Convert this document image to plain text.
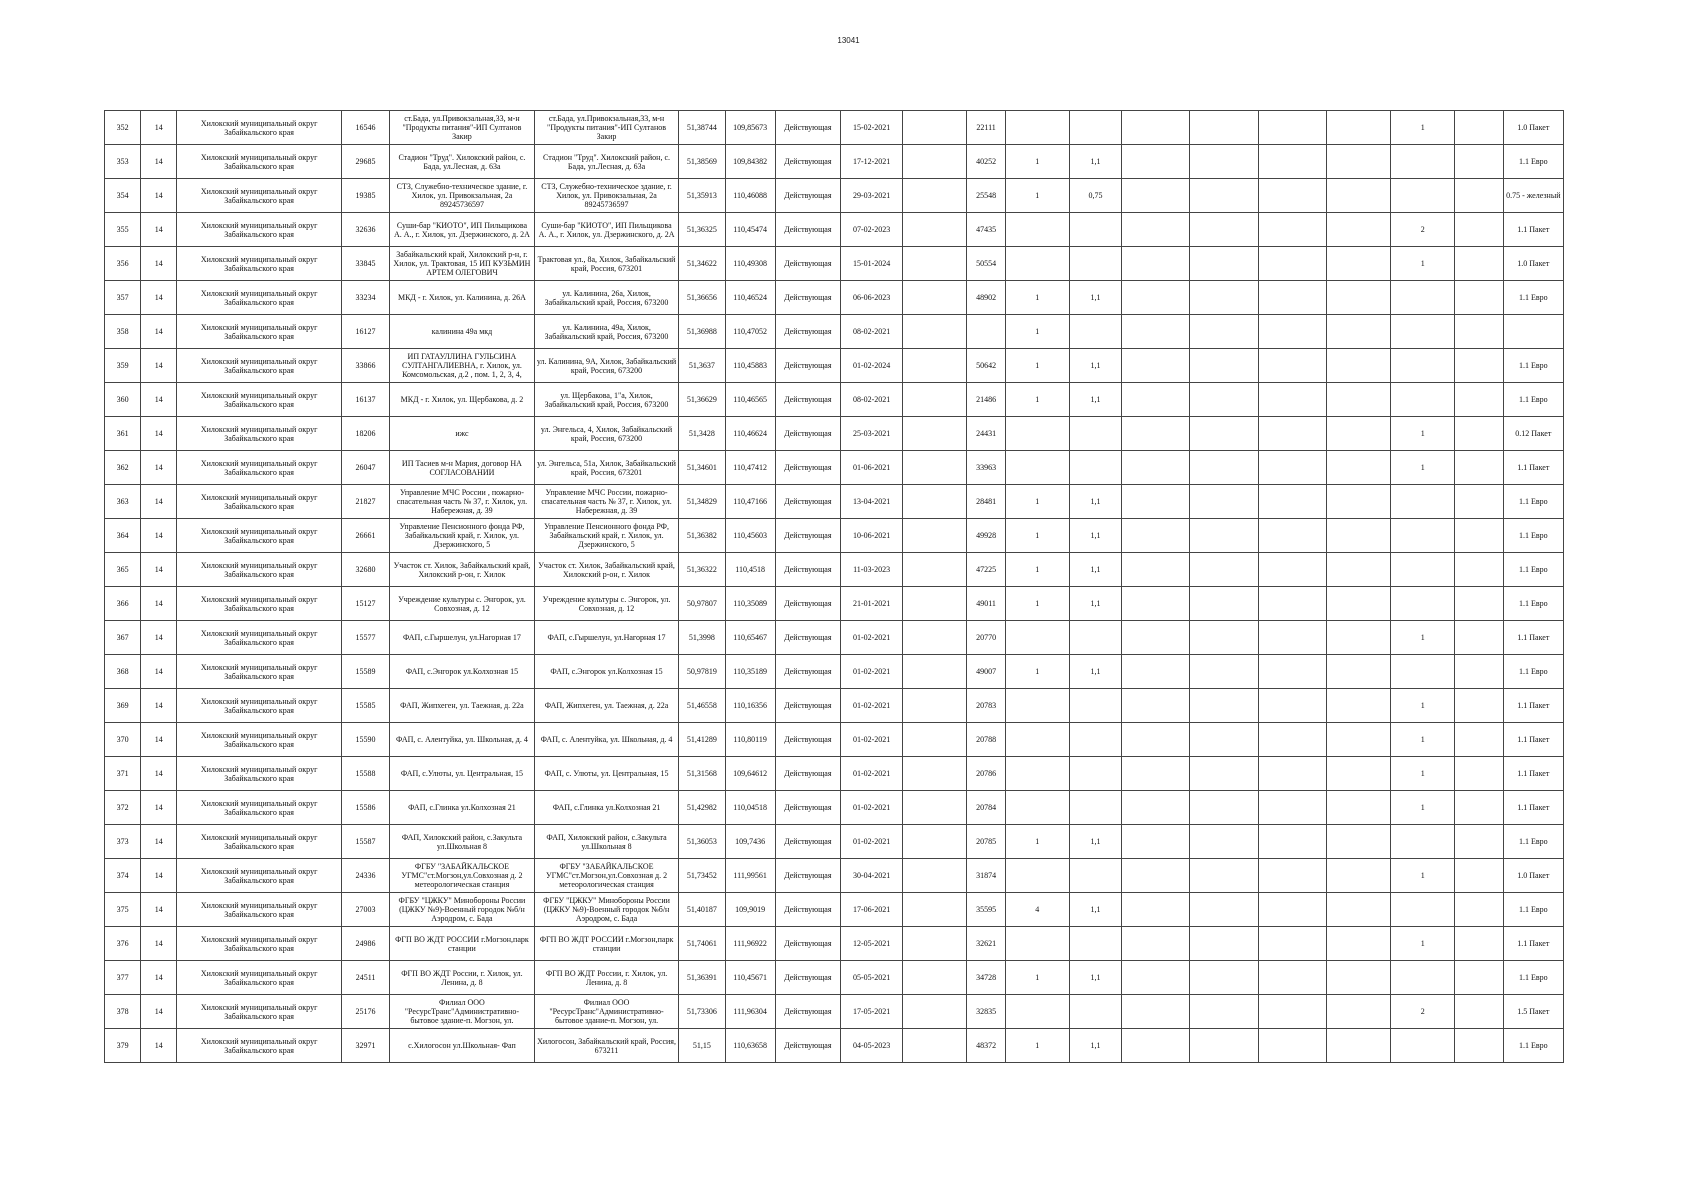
13041
352	14	Хилокский муниципальный округ Забайкальского края	16546	ст.Бада, ул.Привокзальная,33, м-н "Продукты питания"-ИП Султанов Закир	ст.Бада, ул.Привокзальная,33, м-н "Продукты питания"-ИП Султанов Закир	51,38744	109,85673	Действующая	15-02-2021		22111							1		1.0 Пакет

353	14	Хилокский муниципальный округ Забайкальского края	29685	Стадион "Труд". Хилокский район, с. Бада, ул.Лесная, д. 63а	Стадион "Труд". Хилокский район, с. Бада, ул.Лесная, д. 63а	51,38569	109,84382	Действующая	17-12-2021		40252	1	1,1							1.1 Евро

354	14	Хилокский муниципальный округ Забайкальского края	19385	СТЗ, Служебно-техническое здание, г. Хилок, ул. Привокзальная, 2а 89245736597	СТЗ, Служебно-техническое здание, г. Хилок, ул. Привокзальная, 2а 89245736597	51,35913	110,46088	Действующая	29-03-2021		25548	1	0,75							0.75 - железный

355	14	Хилокский муниципальный округ Забайкальского края	32636	Суши-бар "КИОТО", ИП Пильщикова А. А., г. Хилок, ул. Дзержинского, д. 2А	Суши-бар "КИОТО", ИП Пильщикова А. А., г. Хилок, ул. Дзержинского, д. 2А	51,36325	110,45474	Действующая	07-02-2023		47435							2		1.1 Пакет

356	14	Хилокский муниципальный округ Забайкальского края	33845	Забайкальский край, Хилокский р-н, г. Хилок, ул. Трактовая, 15 ИП КУЗЬМИН АРТЕМ ОЛЕГОВИЧ	Трактовая ул., 8а, Хилок, Забайкальский край, Россия, 673201	51,34622	110,49308	Действующая	15-01-2024		50554							1		1.0 Пакет

357	14	Хилокский муниципальный округ Забайкальского края	33234	МКД - г. Хилок, ул. Калинина, д. 26А	ул. Калинина, 26а, Хилок, Забайкальский край, Россия, 673200	51,36656	110,46524	Действующая	06-06-2023		48902	1	1,1							1.1 Евро

358	14	Хилокский муниципальный округ Забайкальского края	16127	калинина 49а мкд	ул. Калинина, 49а, Хилок, Забайкальский край, Россия, 673200	51,36988	110,47052	Действующая	08-02-2021			1								

359	14	Хилокский муниципальный округ Забайкальского края	33866	ИП ГАТАУЛЛИНА ГУЛЬСИНА СУЛТАНГАЛИЕВНА, г. Хилок, ул. Комсомольская, д.2 , пом. 1, 2, 3, 4,	ул. Калинина, 9А, Хилок, Забайкальский край, Россия, 673200	51,3637	110,45883	Действующая	01-02-2024		50642	1	1,1							1.1 Евро

360	14	Хилокский муниципальный округ Забайкальского края	16137	МКД - г. Хилок, ул. Щербакова, д. 2	ул. Щербакова, 1"а, Хилок, Забайкальский край, Россия, 673200	51,36629	110,46565	Действующая	08-02-2021		21486	1	1,1							1.1 Евро

361	14	Хилокский муниципальный округ Забайкальского края	18206	ижс	ул. Энгельса, 4, Хилок, Забайкальский край, Россия, 673200	51,3428	110,46624	Действующая	25-03-2021		24431							1		0.12 Пакет

362	14	Хилокский муниципальный округ Забайкальского края	26047	ИП Тасиев м-н Мария, договор НА СОГЛАСОВАНИИ	ул. Энгельса, 51а, Хилок, Забайкальский край, Россия, 673201	51,34601	110,47412	Действующая	01-06-2021		33963							1		1.1 Пакет

363	14	Хилокский муниципальный округ Забайкальского края	21827	Управление МЧС России , пожарно-спасательная часть № 37, г. Хилок, ул. Набережная, д. 39	Управление МЧС России, пожарно-спасательная часть № 37, г. Хилок, ул. Набережная, д. 39	51,34829	110,47166	Действующая	13-04-2021		28481	1	1,1							1.1 Евро

364	14	Хилокский муниципальный округ Забайкальского края	26661	Управление Пенсионного фонда РФ, Забайкальский край, г. Хилок, ул. Дзержинского, 5	Управление Пенсионного фонда РФ, Забайкальский край, г. Хилок, ул. Дзержинского, 5	51,36382	110,45603	Действующая	10-06-2021		49928	1	1,1							1.1 Евро

365	14	Хилокский муниципальный округ Забайкальского края	32680	Участок ст. Хилок, Забайкальский край, Хилокский р-он, г. Хилок	Участок ст. Хилок, Забайкальский край, Хилокский р-он, г. Хилок	51,36322	110,4518	Действующая	11-03-2023		47225	1	1,1							1.1 Евро

366	14	Хилокский муниципальный округ Забайкальского края	15127	Учреждение культуры с. Энгорок, ул. Совхозная, д. 12	Учреждение культуры с. Энгорок, ул. Совхозная, д. 12	50,97807	110,35089	Действующая	21-01-2021		49011	1	1,1							1.1 Евро

367	14	Хилокский муниципальный округ Забайкальского края	15577	ФАП, с.Гыршелун, ул.Нагорная 17	ФАП, с.Гыршелун, ул.Нагорная 17	51,3998	110,65467	Действующая	01-02-2021		20770							1		1.1 Пакет

368	14	Хилокский муниципальный округ Забайкальского края	15589	ФАП, с.Энгорок ул.Колхозная 15	ФАП, с.Энгорок ул.Колхозная 15	50,97819	110,35189	Действующая	01-02-2021		49007	1	1,1							1.1 Евро

369	14	Хилокский муниципальный округ Забайкальского края	15585	ФАП, Жипхеген, ул. Таежная, д. 22а	ФАП, Жипхеген, ул. Таежная, д. 22а	51,46558	110,16356	Действующая	01-02-2021		20783							1		1.1 Пакет

370	14	Хилокский муниципальный округ Забайкальского края	15590	ФАП, с. Алентуйка, ул. Школьная, д. 4	ФАП, с. Алентуйка, ул. Школьная, д. 4	51,41289	110,80119	Действующая	01-02-2021		20788							1		1.1 Пакет

371	14	Хилокский муниципальный округ Забайкальского края	15588	ФАП, с.Улюты, ул. Центральная, 15	ФАП, с. Улюты, ул. Центральная, 15	51,31568	109,64612	Действующая	01-02-2021		20786							1		1.1 Пакет

372	14	Хилокский муниципальный округ Забайкальского края	15586	ФАП, с.Глинка ул.Колхозная 21	ФАП, с.Глинка ул.Колхозная 21	51,42982	110,04518	Действующая	01-02-2021		20784							1		1.1 Пакет

373	14	Хилокский муниципальный округ Забайкальского края	15587	ФАП, Хилокский район, с.Закульта ул.Школьная 8	ФАП, Хилокский район, с.Закульта ул.Школьная 8	51,36053	109,7436	Действующая	01-02-2021		20785	1	1,1							1.1 Евро

374	14	Хилокский муниципальный округ Забайкальского края	24336	ФГБУ "ЗАБАЙКАЛЬСКОЕ УГМС"ст.Могзон,ул.Совхозная д. 2 метеорологическая станция	ФГБУ "ЗАБАЙКАЛЬСКОЕ УГМС"ст.Могзон,ул.Совхозная д. 2 метеорологическая станция	51,73452	111,99561	Действующая	30-04-2021		31874							1		1.0 Пакет

375	14	Хилокский муниципальный округ Забайкальского края	27003	ФГБУ "ЦЖКУ" Минобороны России (ЦЖКУ №9)-Военный городок №б/н Аэродром, с. Бада	ФГБУ "ЦЖКУ" Минобороны России (ЦЖКУ №9)-Военный городок №б/н Аэродром, с. Бада	51,40187	109,9019	Действующая	17-06-2021		35595	4	1,1							1.1 Евро

376	14	Хилокский муниципальный округ Забайкальского края	24986	ФГП ВО ЖДТ РОССИИ г.Могзон,парк станции	ФГП ВО ЖДТ РОССИИ г.Могзон,парк станции	51,74061	111,96922	Действующая	12-05-2021		32621							1		1.1 Пакет

377	14	Хилокский муниципальный округ Забайкальского края	24511	ФГП ВО ЖДТ России, г. Хилок, ул. Ленина, д. 8	ФГП ВО ЖДТ России, г. Хилок, ул. Ленина, д. 8	51,36391	110,45671	Действующая	05-05-2021		34728	1	1,1							1.1 Евро

378	14	Хилокский муниципальный округ Забайкальского края	25176	Филиал ООО "РесурсТранс"Административно-бытовое здание-п. Могзон, ул.	Филиал ООО "РесурсТранс"Административно-бытовое здание-п. Могзон, ул.	51,73306	111,96304	Действующая	17-05-2021		32835							2		1.5 Пакет

379	14	Хилокский муниципальный округ Забайкальского края	32971	с.Хилогосон ул.Школьная- Фап	Хилогосон, Забайкальский край, Россия, 673211	51,15	110,63658	Действующая	04-05-2023		48372	1	1,1							1.1 Евро
